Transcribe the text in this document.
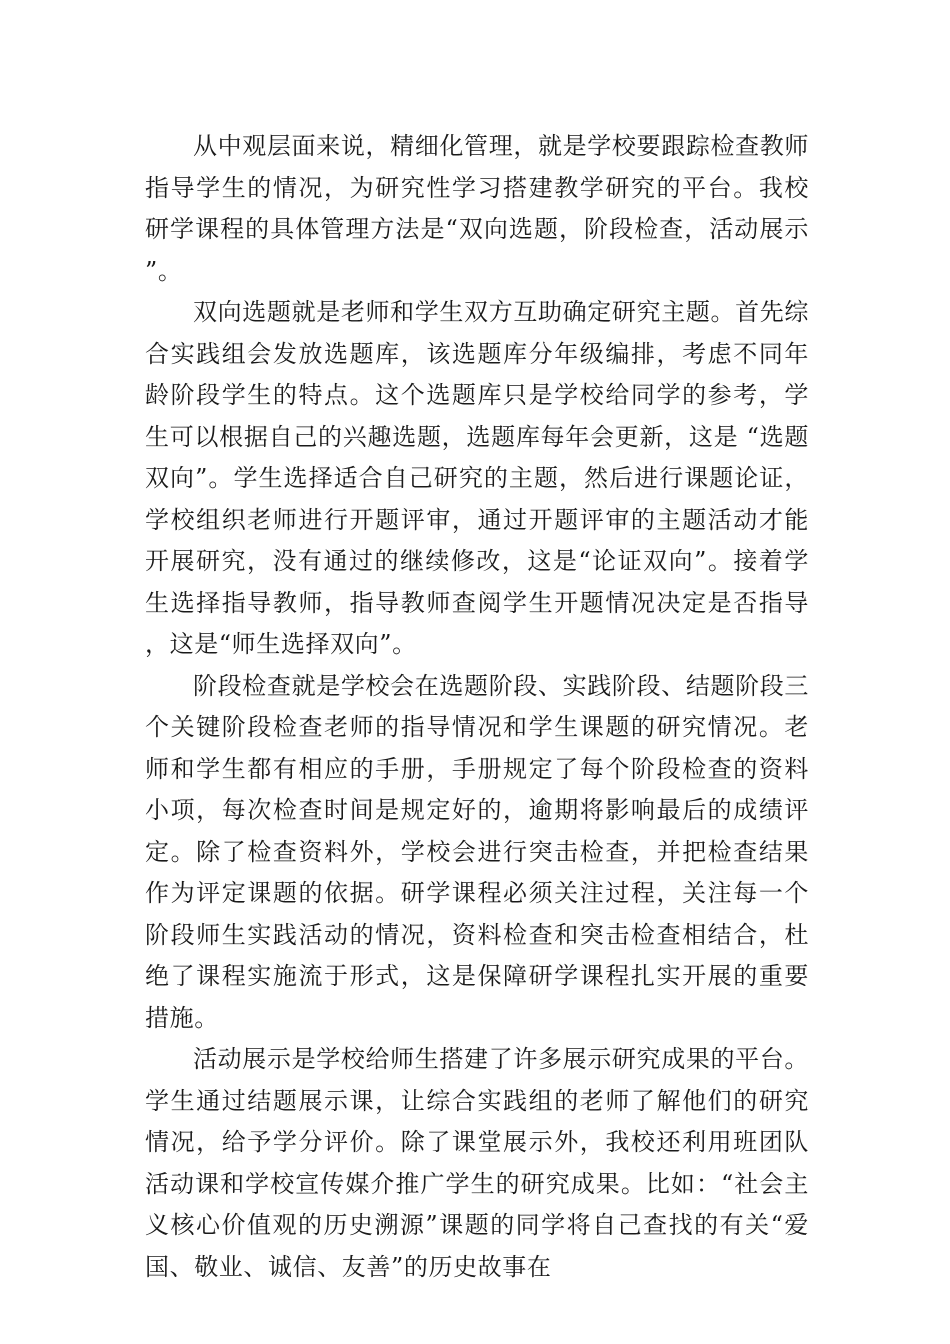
从中观层面来说，精细化管理，就是学校要跟踪检查教师指导学生的情况，为研究性学习搭建教学研究的平台。我校研学课程的具体管理方法是“双向选题，阶段检查，活动展示”。

双向选题就是老师和学生双方互助确定研究主题。首先综合实践组会发放选题库，该选题库分年级编排，考虑不同年龄阶段学生的特点。这个选题库只是学校给同学的参考，学生可以根据自己的兴趣选题，选题库每年会更新，这是 “选题双向”。学生选择适合自己研究的主题，然后进行课题论证，学校组织老师进行开题评审，通过开题评审的主题活动才能开展研究，没有通过的继续修改，这是“论证双向”。接着学生选择指导教师，指导教师查阅学生开题情况决定是否指导，这是“师生选择双向”。

阶段检查就是学校会在选题阶段、实践阶段、结题阶段三个关键阶段检查老师的指导情况和学生课题的研究情况。老师和学生都有相应的手册，手册规定了每个阶段检查的资料小项，每次检查时间是规定好的，逾期将影响最后的成绩评定。除了检查资料外，学校会进行突击检查，并把检查结果作为评定课题的依据。研学课程必须关注过程，关注每一个阶段师生实践活动的情况，资料检查和突击检查相结合，杜绝了课程实施流于形式，这是保障研学课程扎实开展的重要措施。

活动展示是学校给师生搭建了许多展示研究成果的平台。学生通过结题展示课，让综合实践组的老师了解他们的研究情况，给予学分评价。除了课堂展示外，我校还利用班团队活动课和学校宣传媒介推广学生的研究成果。比如：“社会主义核心价值观的历史溯源”课题的同学将自己查找的有关“爱国、敬业、诚信、友善”的历史故事在
